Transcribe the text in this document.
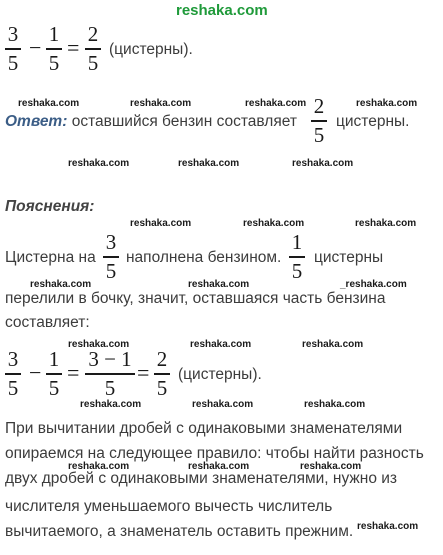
reshaka.com
3
5
−
1
5
=
2
5
(цистерны).
reshaka.com	reshaka.com	reshaka.com	reshaka.com
Ответ: оставшийся бензин составляет
2
5
цистерны.
reshaka.com	reshaka.com	reshaka.com
Пояснения:
reshaka.com	reshaka.com	reshaka.com
Цистерна на
3
5
наполнена бензином.
1
5
цистерны
reshaka.com	reshaka.com	_reshaka.com
перелили в бочку, значит, оставшаяся часть бензина
составляет:
reshaka.com	reshaka.com	reshaka.com
3
5
−
1
5
=
3 − 1
5
=
2
5
(цистерны).
reshaka.com	reshaka.com	reshaka.com
При вычитании дробей с одинаковыми знаменателями
опираемся на следующее правило: чтобы найти разность
двух дробей с одинаковыми знаменателями, нужно из
числителя уменьшаемого вычесть числитель
вычитаемого, а знаменатель оставить прежним.
reshaka.com	reshaka.com	reshaka.com
reshaka.com
